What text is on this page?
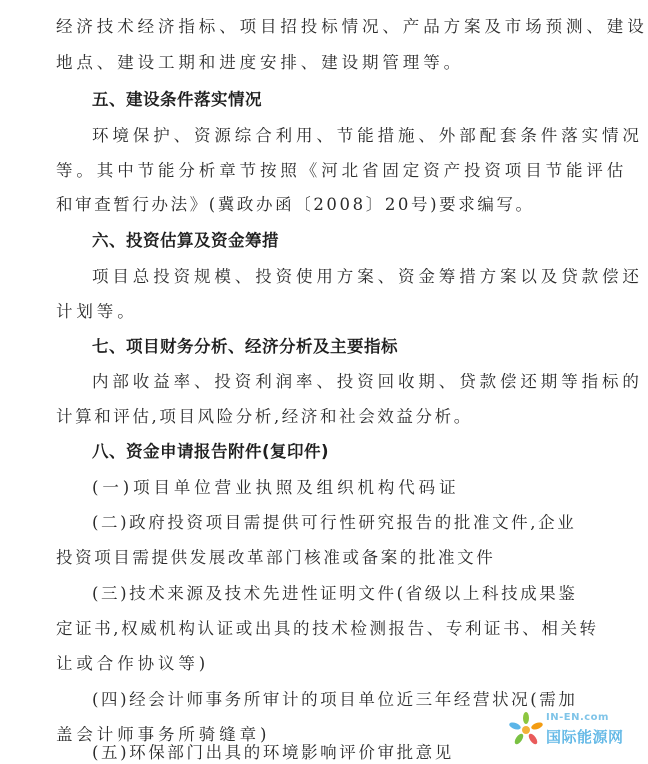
经济技术经济指标、项目招投标情况、产品方案及市场预测、建设
地点、建设工期和进度安排、建设期管理等。
五、建设条件落实情况
环境保护、资源综合利用、节能措施、外部配套条件落实情况
等。其中节能分析章节按照《河北省固定资产投资项目节能评估
和审查暂行办法》(冀政办函〔2008〕20号)要求编写。
六、投资估算及资金筹措
项目总投资规模、投资使用方案、资金筹措方案以及贷款偿还
计划等。
七、项目财务分析、经济分析及主要指标
内部收益率、投资利润率、投资回收期、贷款偿还期等指标的
计算和评估,项目风险分析,经济和社会效益分析。
八、资金申请报告附件(复印件)
(一)项目单位营业执照及组织机构代码证
(二)政府投资项目需提供可行性研究报告的批准文件,企业
投资项目需提供发展改革部门核准或备案的批准文件
(三)技术来源及技术先进性证明文件(省级以上科技成果鉴
定证书,权威机构认证或出具的技术检测报告、专利证书、相关转
让或合作协议等)
(四)经会计师事务所审计的项目单位近三年经营状况(需加
盖会计师事务所骑缝章)
(五)环保部门出具的环境影响评价审批意见
IN-EN.com
国际能源网
